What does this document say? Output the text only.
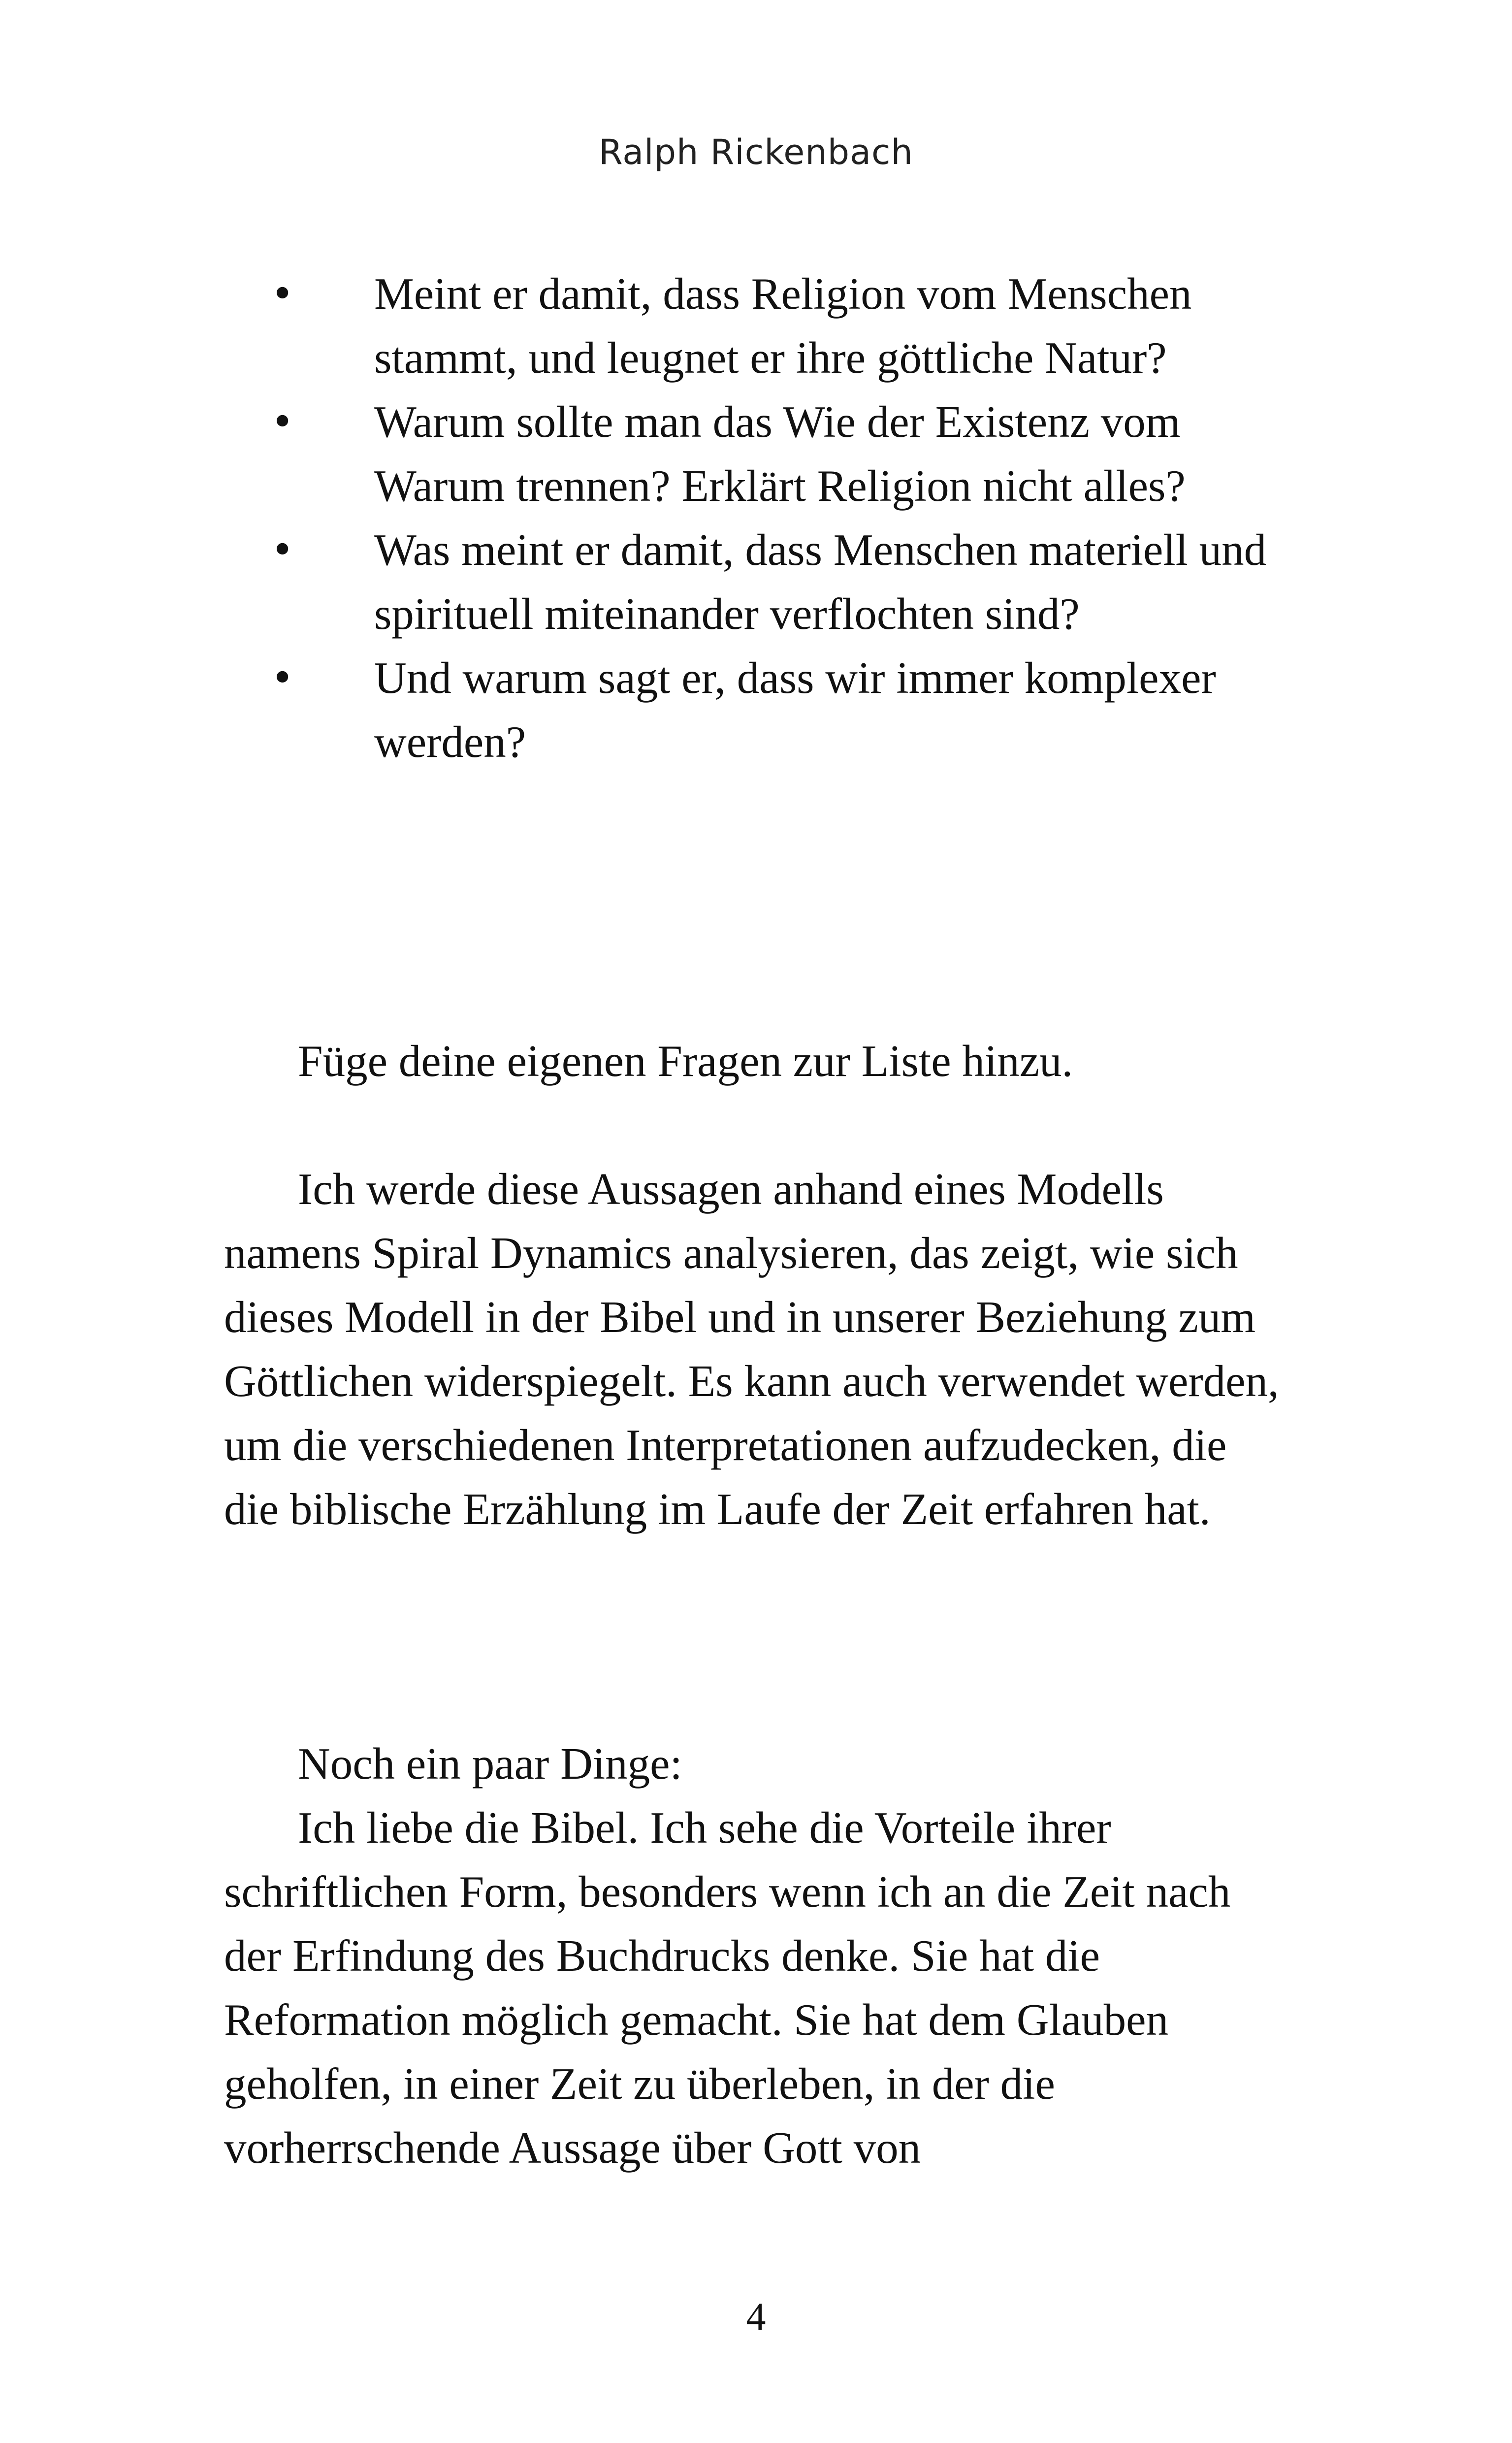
Ralph Rickenbach
• Meint er damit, dass Religion vom Menschen stammt, und leugnet er ihre göttliche Natur?
• Warum sollte man das Wie der Existenz vom Warum trennen? Erklärt Religion nicht alles?
• Was meint er damit, dass Menschen materiell und spirituell miteinander verflochten sind?
• Und warum sagt er, dass wir immer komplexer werden?

Füge deine eigenen Fragen zur Liste hinzu.

Ich werde diese Aussagen anhand eines Modells namens Spiral Dynamics analysieren, das zeigt, wie sich dieses Modell in der Bibel und in unserer Beziehung zum Göttlichen widerspiegelt. Es kann auch verwendet werden, um die verschiedenen Interpretationen aufzudecken, die die biblische Erzählung im Laufe der Zeit erfahren hat.

Noch ein paar Dinge:

Ich liebe die Bibel. Ich sehe die Vorteile ihrer schriftlichen Form, besonders wenn ich an die Zeit nach der Erfindung des Buchdrucks denke. Sie hat die Reformation möglich gemacht. Sie hat dem Glauben geholfen, in einer Zeit zu überleben, in der die vorherrschende Aussage über Gott von

4
